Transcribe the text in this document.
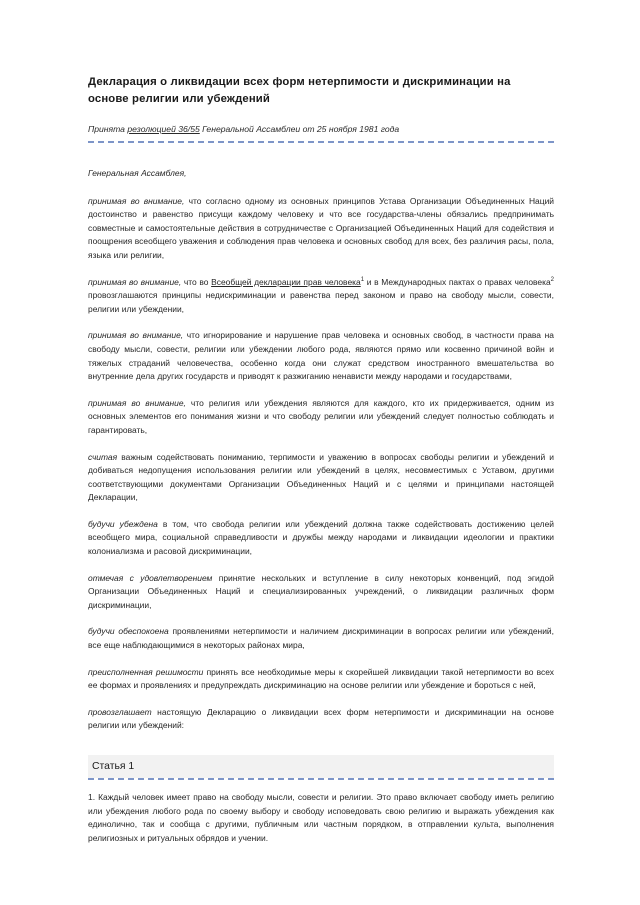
Декларация о ликвидации всех форм нетерпимости и дискриминации на основе религии или убеждений
Принята резолюцией 36/55 Генеральной Ассамблеи от 25 ноября 1981 года

Генеральная Ассамблея,

принимая во внимание, что согласно одному из основных принципов Устава Организации Объединенных Наций достоинство и равенство присущи каждому человеку и что все государства-члены обязались предпринимать совместные и самостоятельные действия в сотрудничестве с Организацией Объединенных Наций для содействия и поощрения всеобщего уважения и соблюдения прав человека и основных свобод для всех, без различия расы, пола, языка или религии,

принимая во внимание, что во Всеобщей декларации прав человека$^1$ и в Международных пактах о правах человека$^2$ провозглашаются принципы недискриминации и равенства перед законом и право на свободу мысли, совести, религии или убеждении,

принимая во внимание, что игнорирование и нарушение прав человека и основных свобод, в частности права на свободу мысли, совести, религии или убеждении любого рода, являются прямо или косвенно причиной войн и тяжелых страданий человечества, особенно когда они служат средством иностранного вмешательства во внутренние дела других государств и приводят к разжиганию ненависти между народами и государствами,

принимая во внимание, что религия или убеждения являются для каждого, кто их придерживается, одним из основных элементов его понимания жизни и что свободу религии или убеждений следует полностью соблюдать и гарантировать,

считая важным содействовать пониманию, терпимости и уважению в вопросах свободы религии и убеждений и добиваться недопущения использования религии или убеждений в целях, несовместимых с Уставом, другими соответствующими документами Организации Объединенных Наций и с целями и принципами настоящей Декларации,

будучи убеждена в том, что свобода религии или убеждений должна также содействовать достижению целей всеобщего мира, социальной справедливости и дружбы между народами и ликвидации идеологии и практики колониализма и расовой дискриминации,

отмечая с удовлетворением принятие нескольких и вступление в силу некоторых конвенций, под эгидой Организации Объединенных Наций и специализированных учреждений, о ликвидации различных форм дискриминации,

будучи обеспокоена проявлениями нетерпимости и наличием дискриминации в вопросах религии или убеждений, все еще наблюдающимися в некоторых районах мира,

преисполненная решимости принять все необходимые меры к скорейшей ликвидации такой нетерпимости во всех ее формах и проявлениях и предупреждать дискриминацию на основе религии или убеждение и бороться с ней,

провозглашает настоящую Декларацию о ликвидации всех форм нетерпимости и дискриминации на основе религии или убеждений:

Статья 1

1. Каждый человек имеет право на свободу мысли, совести и религии. Это право включает свободу иметь религию или убеждения любого рода по своему выбору и свободу исповедовать свою религию и выражать убеждения как единолично, так и сообща с другими, публичным или частным порядком, в отправлении культа, выполнения религиозных и ритуальных обрядов и учении.
